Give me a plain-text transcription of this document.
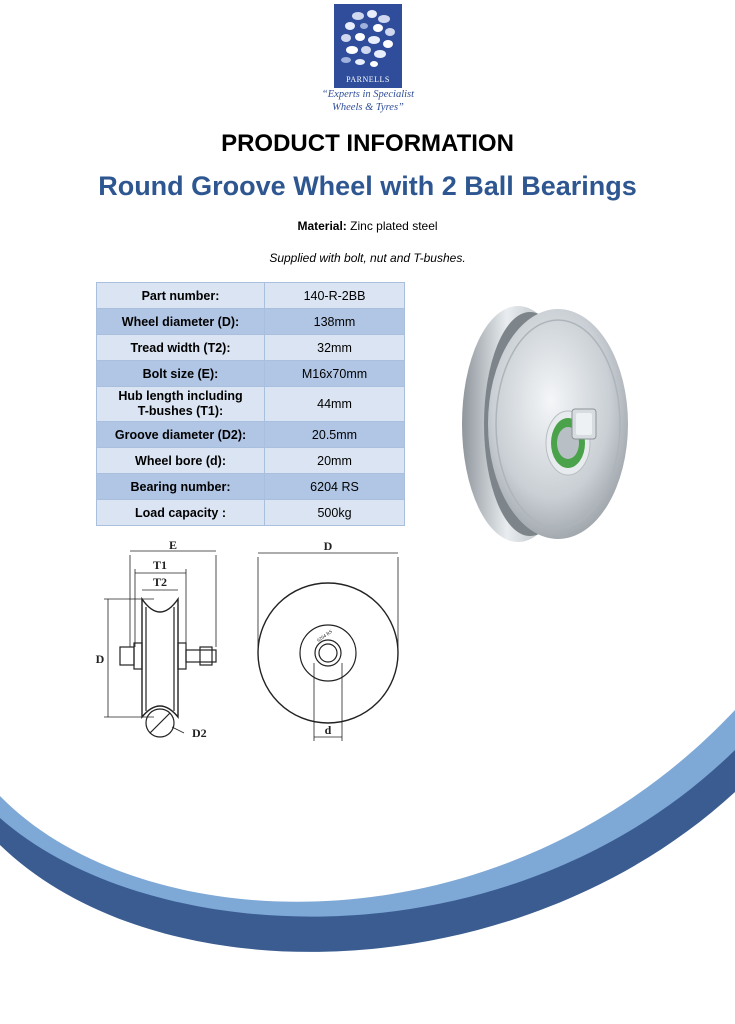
PARNELLS
“Experts in Specialist
Wheels & Tyres”
PRODUCT INFORMATION
Round Groove Wheel with 2 Ball Bearings
Material: Zinc plated steel
Supplied with bolt, nut and T-bushes.
Part number:	140-R-2BB
Wheel diameter (D):	138mm
Tread width (T2):	32mm
Bolt size (E):	M16x70mm

Hub length including
T-bushes (T1):	44mm
Groove diameter (D2):	20.5mm
Wheel bore (d):	20mm
Bearing number:	6204 RS
Load capacity :	500kg
E
T1
T2
D
D2
D
d
6204 RS
